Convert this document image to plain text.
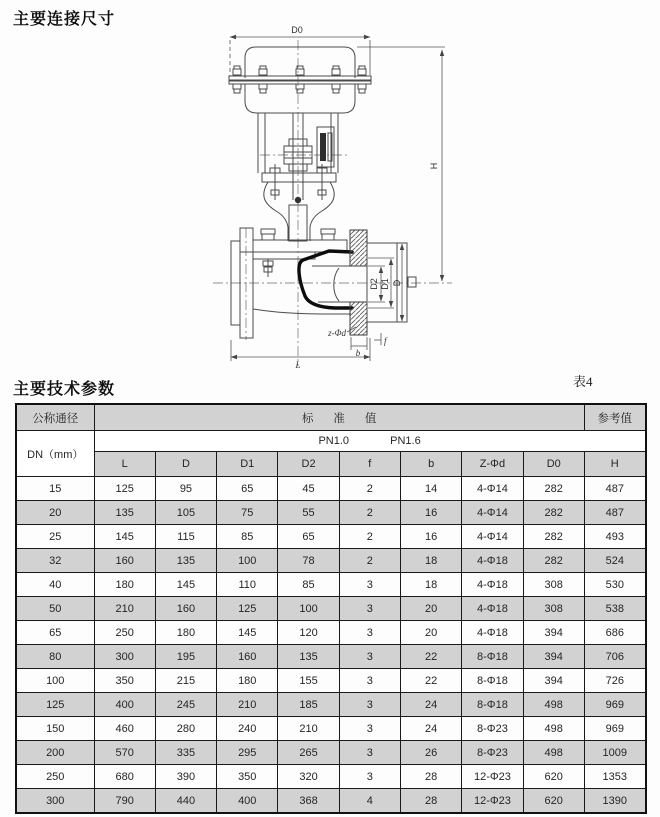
主要连接尺寸
D0
H
D2 D1 D
z-Φd
f
b
L
主要技术参数	表4
公称通径	标准值								参考值
DN（mm）	PN1.0 PN1.6								
	L	D	D1	D2	f	b	Z-Φd	D0	H
15	125	95	65	45	2	14	4-Φ14	282	487
20	135	105	75	55	2	16	4-Φ14	282	487
25	145	115	85	65	2	16	4-Φ14	282	493
32	160	135	100	78	2	18	4-Φ18	282	524
40	180	145	110	85	3	18	4-Φ18	308	530
50	210	160	125	100	3	20	4-Φ18	308	538
65	250	180	145	120	3	20	4-Φ18	394	686
80	300	195	160	135	3	22	8-Φ18	394	706
100	350	215	180	155	3	22	8-Φ18	394	726
125	400	245	210	185	3	24	8-Φ18	498	969
150	460	280	240	210	3	24	8-Φ23	498	969
200	570	335	295	265	3	26	8-Φ23	498	1009
250	680	390	350	320	3	28	12-Φ23	620	1353
300	790	440	400	368	4	28	12-Φ23	620	1390
